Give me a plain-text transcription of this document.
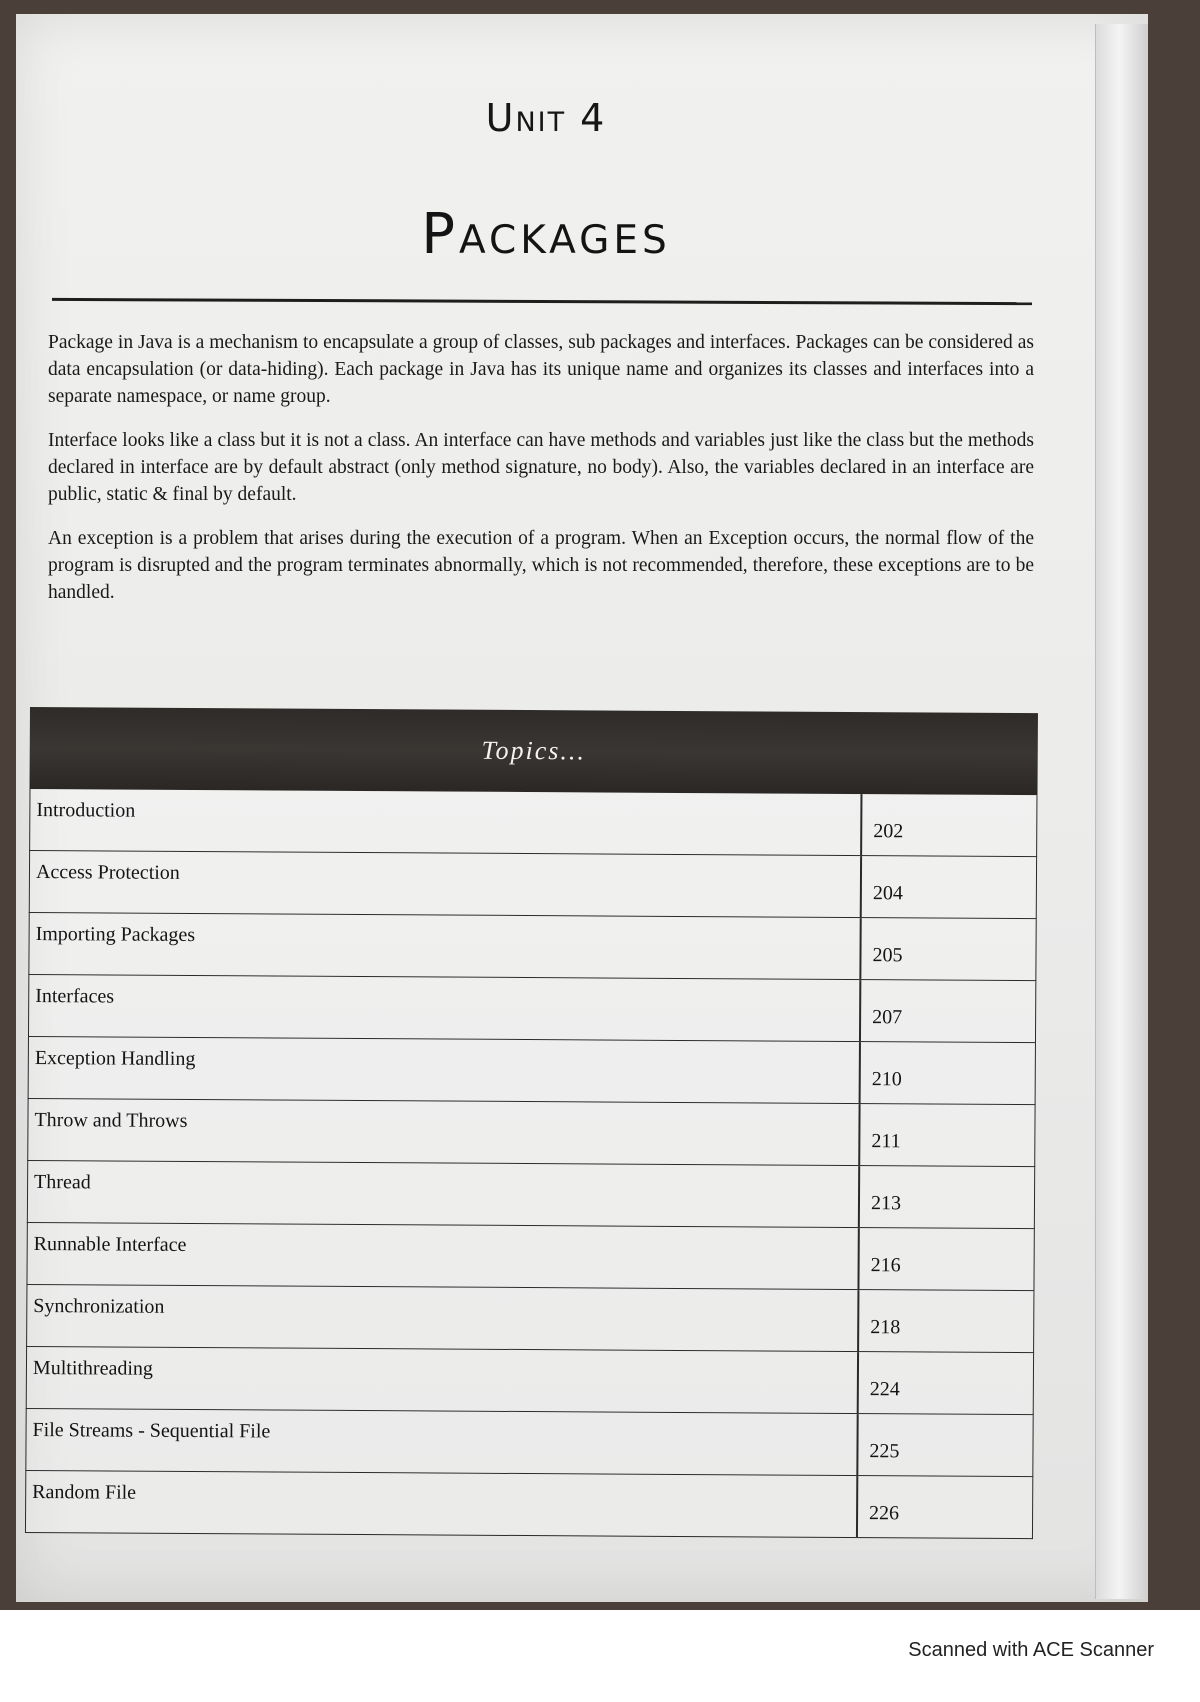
Unit 4
Packages

Package in Java is a mechanism to encapsulate a group of classes, sub packages and interfaces. Packages can be considered as data encapsulation (or data-hiding). Each package in Java has its unique name and organizes its classes and interfaces into a separate namespace, or name group.

Interface looks like a class but it is not a class. An interface can have methods and variables just like the class but the methods declared in interface are by default abstract (only method signature, no body). Also, the variables declared in an interface are public, static & final by default.

An exception is a problem that arises during the execution of a program. When an Exception occurs, the normal flow of the program is disrupted and the program terminates abnormally, which is not recommended, therefore, these exceptions are to be handled.

Topics...
Introduction
202
Access Protection
204
Importing Packages
205
Interfaces
207
Exception Handling
210
Throw and Throws
211
Thread
213
Runnable Interface
216
Synchronization
218
Multithreading
224
File Streams - Sequential File
225
Random File
226
Scanned with ACE Scanner
